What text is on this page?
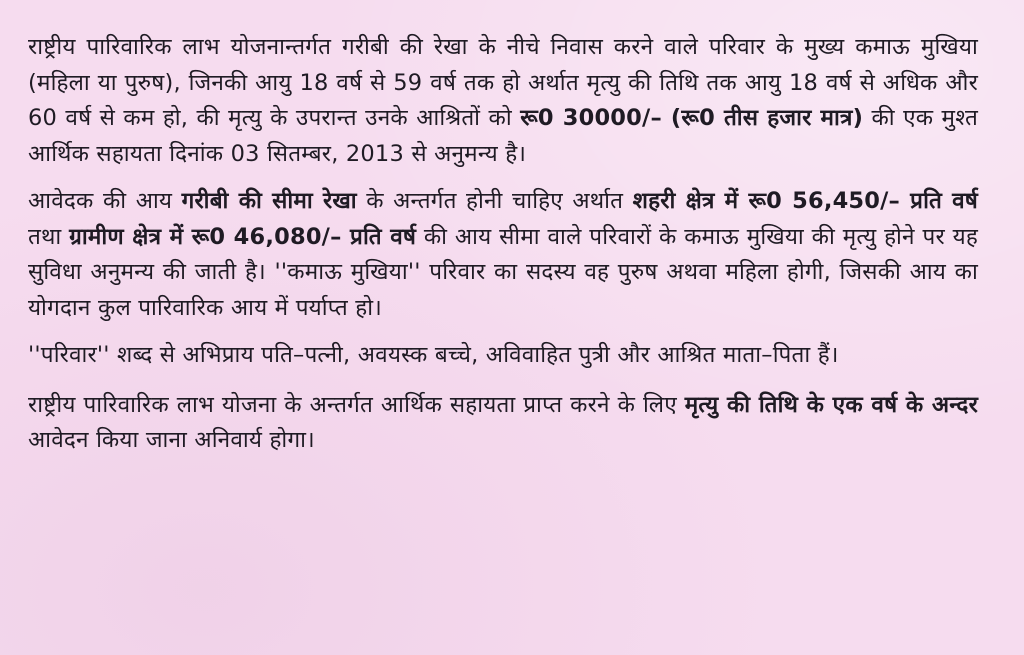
राष्ट्रीय पारिवारिक लाभ योजनान्तर्गत गरीबी की रेखा के नीचे निवास करने वाले परिवार के मुख्य कमाऊ मुखिया (महिला या पुरुष), जिनकी आयु 18 वर्ष से 59 वर्ष तक हो अर्थात मृत्यु की तिथि तक आयु 18 वर्ष से अधिक और 60 वर्ष से कम हो, की मृत्यु के उपरान्त उनके आश्रितों को रू0 30000/– (रू0 तीस हजार मात्र) की एक मुश्त आर्थिक सहायता दिनांक 03 सितम्बर, 2013 से अनुमन्य है।

आवेदक की आय गरीबी की सीमा रेखा के अन्तर्गत होनी चाहिए अर्थात शहरी क्षेत्र में रू0 56,450/– प्रति वर्ष तथा ग्रामीण क्षेत्र में रू0 46,080/– प्रति वर्ष की आय सीमा वाले परिवारों के कमाऊ मुखिया की मृत्यु होने पर यह सुविधा अनुमन्य की जाती है। ''कमाऊ मुखिया'' परिवार का सदस्य वह पुरुष अथवा महिला होगी, जिसकी आय का योगदान कुल पारिवारिक आय में पर्याप्त हो।

''परिवार'' शब्द से अभिप्राय पति–पत्नी, अवयस्क बच्चे, अविवाहित पुत्री और आश्रित माता–पिता हैं।

राष्ट्रीय पारिवारिक लाभ योजना के अन्तर्गत आर्थिक सहायता प्राप्त करने के लिए मृत्यु की तिथि के एक वर्ष के अन्दर आवेदन किया जाना अनिवार्य होगा।
